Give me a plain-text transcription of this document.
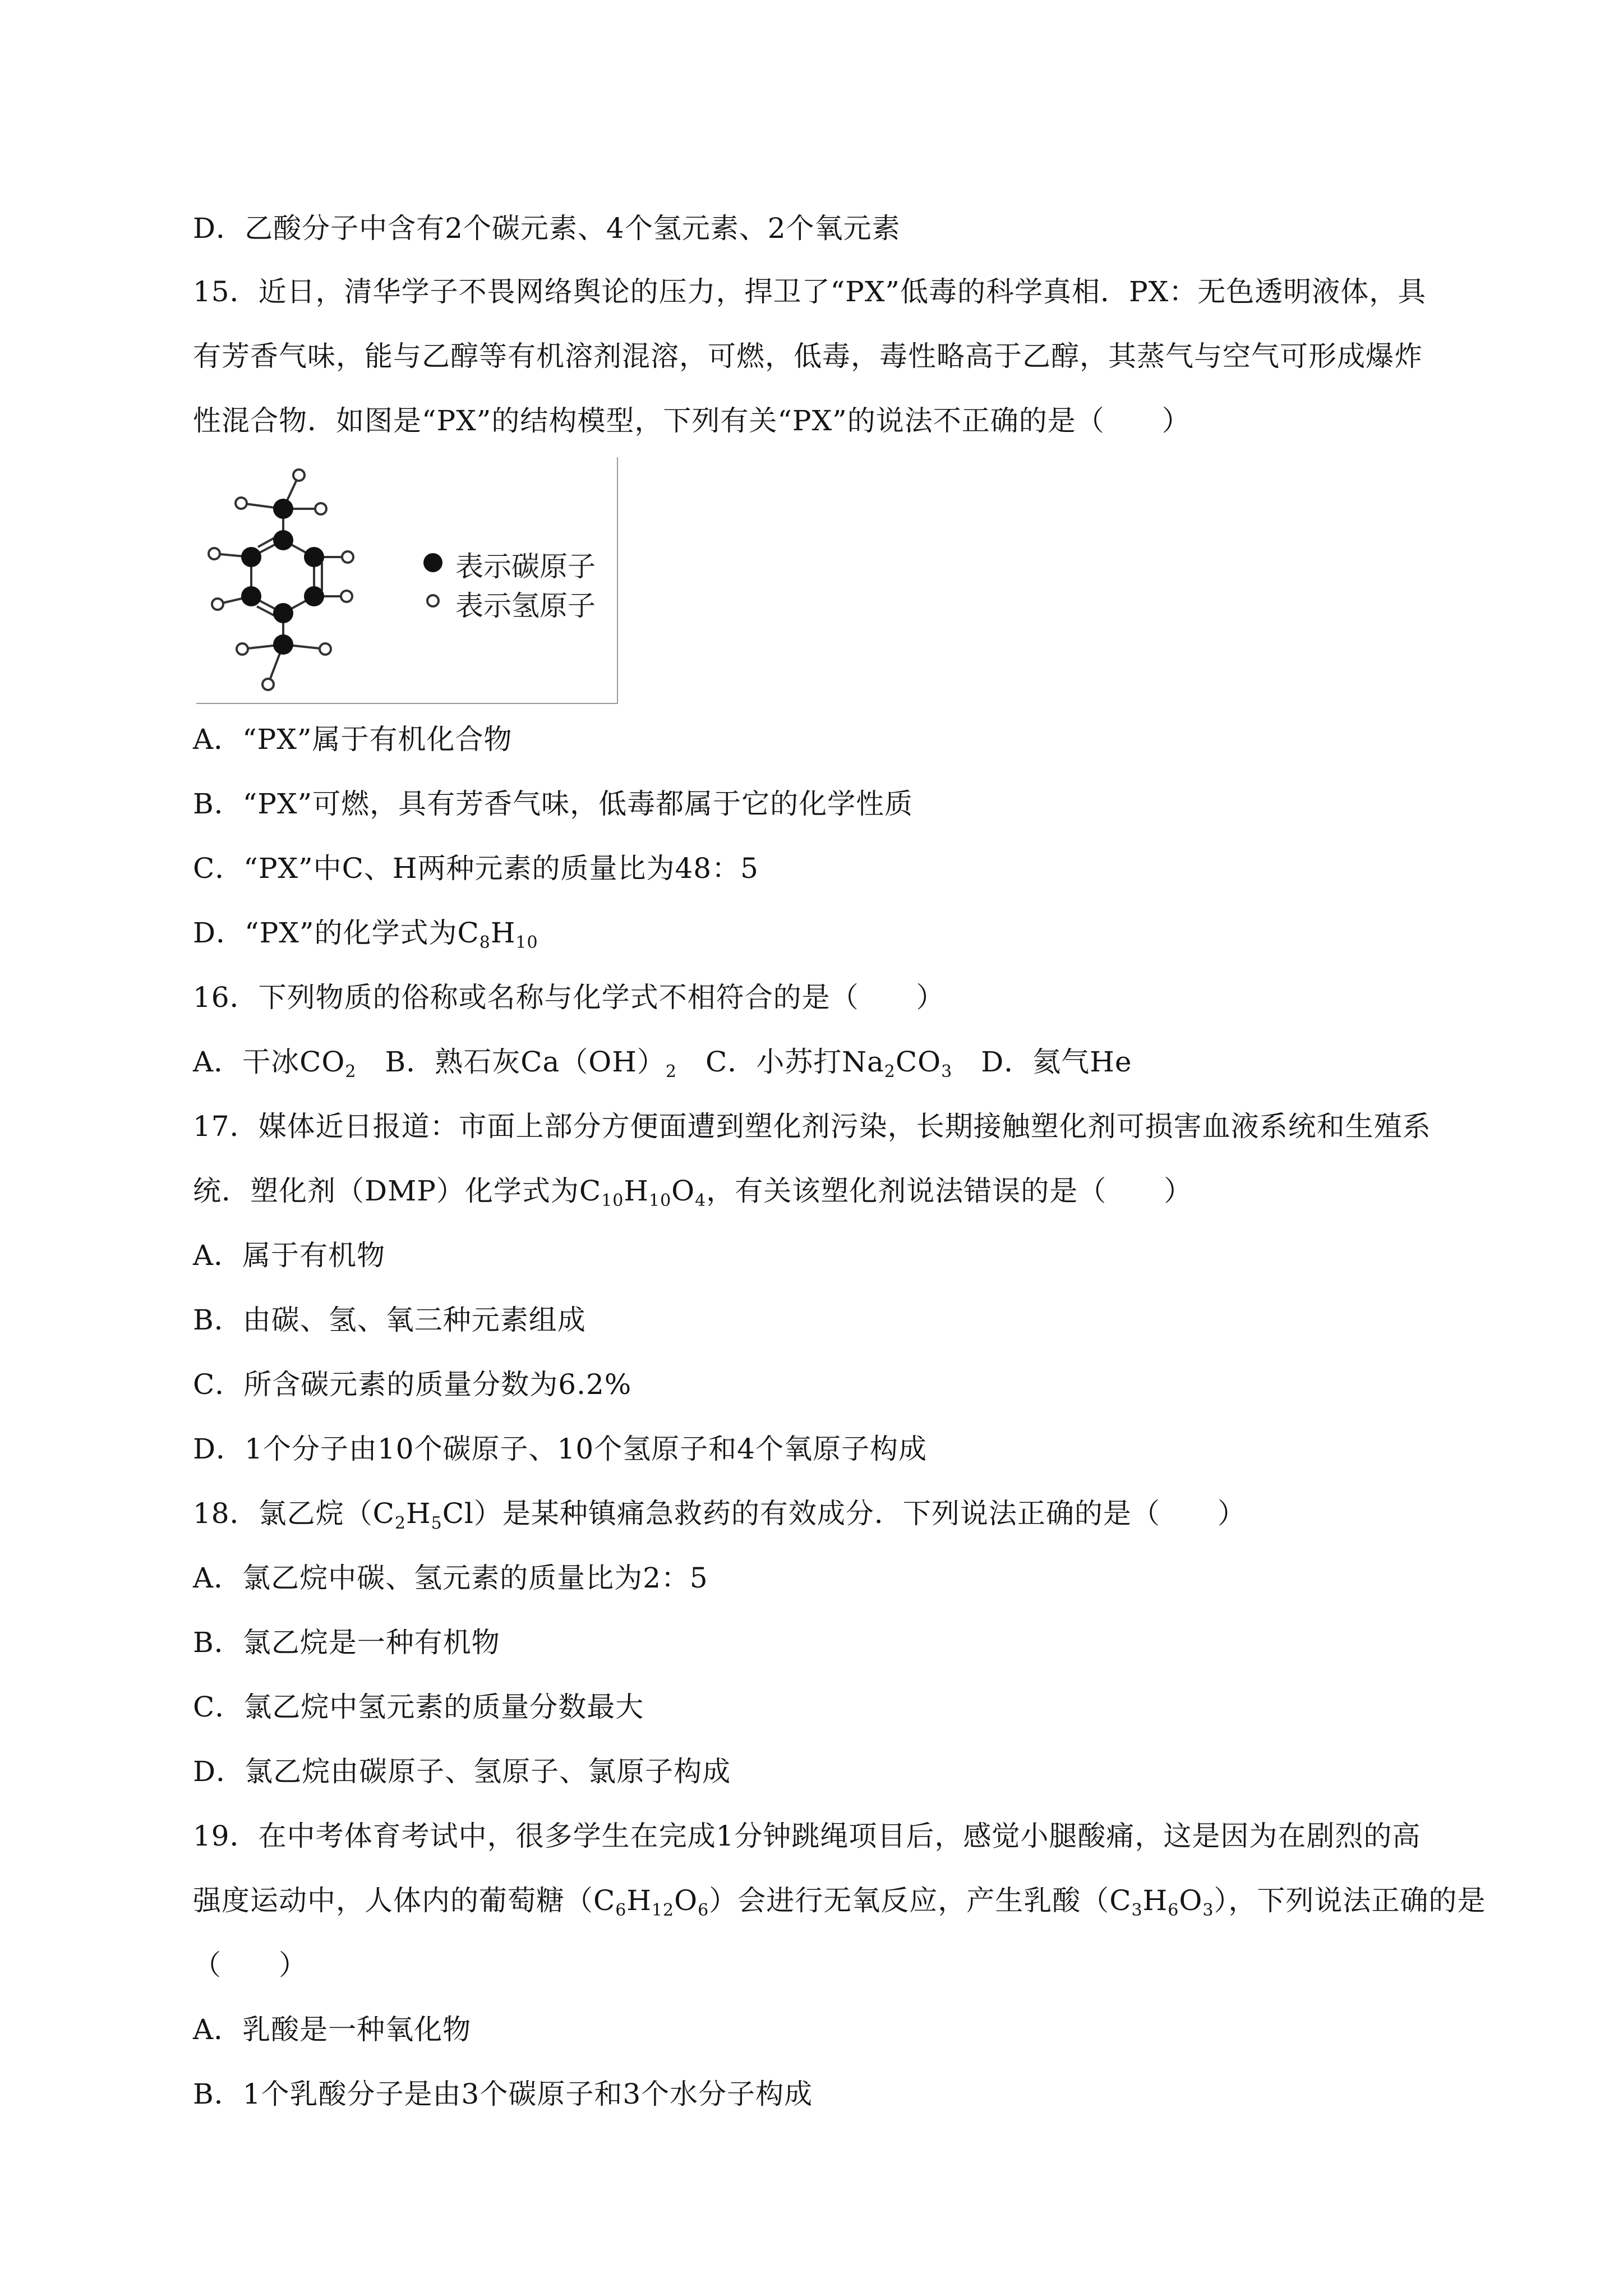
D．乙酸分子中含有2个碳元素、4个氢元素、2个氧元素

15．近日，清华学子不畏网络舆论的压力，捍卫了“PX”低毒的科学真相．PX：无色透明液体，具

有芳香气味，能与乙醇等有机溶剂混溶，可燃，低毒，毒性略高于乙醇，其蒸气与空气可形成爆炸

性混合物．如图是“PX”的结构模型，下列有关“PX”的说法不正确的是（　　）

表示碳原子
表示氢原子

A．“PX”属于有机化合物

B．“PX”可燃，具有芳香气味，低毒都属于它的化学性质

C．“PX”中C、H两种元素的质量比为48：5

D．“PX”的化学式为$C_8H_{10}$

16．下列物质的俗称或名称与化学式不相符合的是（　　）

A．干冰$CO_2$　B．熟石灰$Ca(OH)_2$　C．小苏打$Na_2CO_3$　D．氦气He

17．媒体近日报道：市面上部分方便面遭到塑化剂污染，长期接触塑化剂可损害血液系统和生殖系

统．塑化剂（DMP）化学式为$C_{10}H_{10}O_4$，有关该塑化剂说法错误的是（　　）

A．属于有机物

B．由碳、氢、氧三种元素组成

C．所含碳元素的质量分数为6.2%

D．1个分子由10个碳原子、10个氢原子和4个氧原子构成

18．氯乙烷$(C_2H_5Cl)$是某种镇痛急救药的有效成分．下列说法正确的是（　　）

A．氯乙烷中碳、氢元素的质量比为2：5

B．氯乙烷是一种有机物

C．氯乙烷中氢元素的质量分数最大

D．氯乙烷由碳原子、氢原子、氯原子构成

19．在中考体育考试中，很多学生在完成1分钟跳绳项目后，感觉小腿酸痛，这是因为在剧烈的高

强度运动中，人体内的葡萄糖$(C_6H_{12}O_6)$会进行无氧反应，产生乳酸$(C_3H_6O_3)$，下列说法正确的是

（　　）

A．乳酸是一种氧化物

B．1个乳酸分子是由3个碳原子和3个水分子构成
